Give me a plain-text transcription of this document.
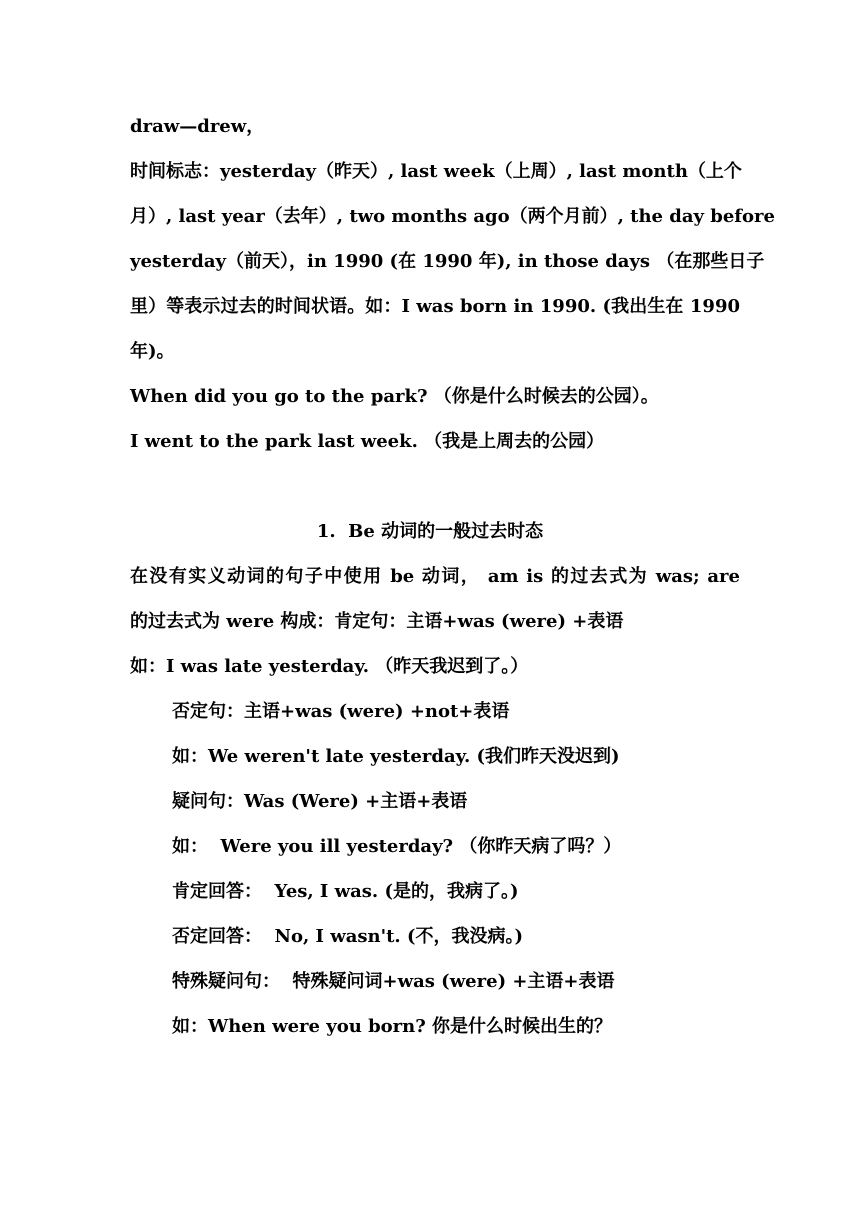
draw—drew，
时间标志：yesterday（昨天）, last week（上周）, last month（上个
月）, last year（去年）, two months ago（两个月前）, the day before
yesterday（前天），in 1990 (在 1990 年), in those days （在那些日子
里）等表示过去的时间状语。如：I was born in 1990. (我出生在 1990
年)。
When did you go to the park? （你是什么时候去的公园）。
I went to the park last week. （我是上周去的公园）
1.  Be 动词的一般过去时态
在没有实义动词的句子中使用 be 动词， am is 的过去式为 was; are
的过去式为 were 构成：肯定句：主语+was (were) +表语
如：I was late yesterday. （昨天我迟到了。）
否定句：主语+was (were) +not+表语
如：We weren't late yesterday. (我们昨天没迟到)
疑问句：Was (Were) +主语+表语
如：  Were you ill yesterday? （你昨天病了吗？）
肯定回答：  Yes, I was. (是的，我病了。)
否定回答：  No, I wasn't. (不，我没病。)
特殊疑问句：  特殊疑问词+was (were) +主语+表语
如：When were you born? 你是什么时候出生的？
